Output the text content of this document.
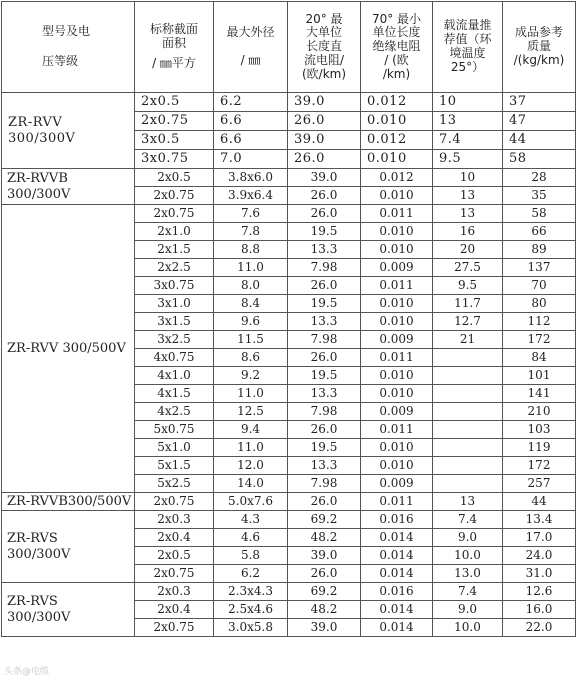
型号及电
压等级	标称截面
面积
/ ㎜平方	最大外径
/ ㎜	20° 最
大单位
长度直
流电阻/
(欧/km)	70° 最小
单位长度
绝缘电阻
/ (欧
/km)	载流量推
荐值（环
境温度
25°）	成品参考
质量
/(kg/km)

ZR-RVV
300/300V	2x0.5	6.2	39.0	0.012	10	37
	2x0.75	6.6	26.0	0.010	13	47
	3x0.5	6.6	39.0	0.012	7.4	44
	3x0.75	7.0	26.0	0.010	9.5	58

ZR-RVVB
300/300V	2x0.5	3.8x6.0	39.0	0.012	10	28
	2x0.75	3.9x6.4	26.0	0.010	13	35

ZR-RVV 300/500V	2x0.75	7.6	26.0	0.011	13	58
	2x1.0	7.8	19.5	0.010	16	66
	2x1.5	8.8	13.3	0.010	20	89
	2x2.5	11.0	7.98	0.009	27.5	137
	3x0.75	8.0	26.0	0.011	9.5	70
	3x1.0	8.4	19.5	0.010	11.7	80
	3x1.5	9.6	13.3	0.010	12.7	112
	3x2.5	11.5	7.98	0.009	21	172
	4x0.75	8.6	26.0	0.011		84
	4x1.0	9.2	19.5	0.010		101
	4x1.5	11.0	13.3	0.010		141
	4x2.5	12.5	7.98	0.009		210
	5x0.75	9.4	26.0	0.011		103
	5x1.0	11.0	19.5	0.010		119
	5x1.5	12.0	13.3	0.010		172
	5x2.5	14.0	7.98	0.009		257

ZR-RVVB300/500V	2x0.75	5.0x7.6	26.0	0.011	13	44

ZR-RVS
300/300V	2x0.3	4.3	69.2	0.016	7.4	13.4
	2x0.4	4.6	48.2	0.014	9.0	17.0
	2x0.5	5.8	39.0	0.014	10.0	24.0
	2x0.75	6.2	26.0	0.014	13.0	31.0

ZR-RVS
300/300V	2x0.3	2.3x4.3	69.2	0.016	7.4	12.6
	2x0.4	2.5x4.6	48.2	0.014	9.0	16.0
	2x0.75	3.0x5.8	39.0	0.014	10.0	22.0
头条@电缆
